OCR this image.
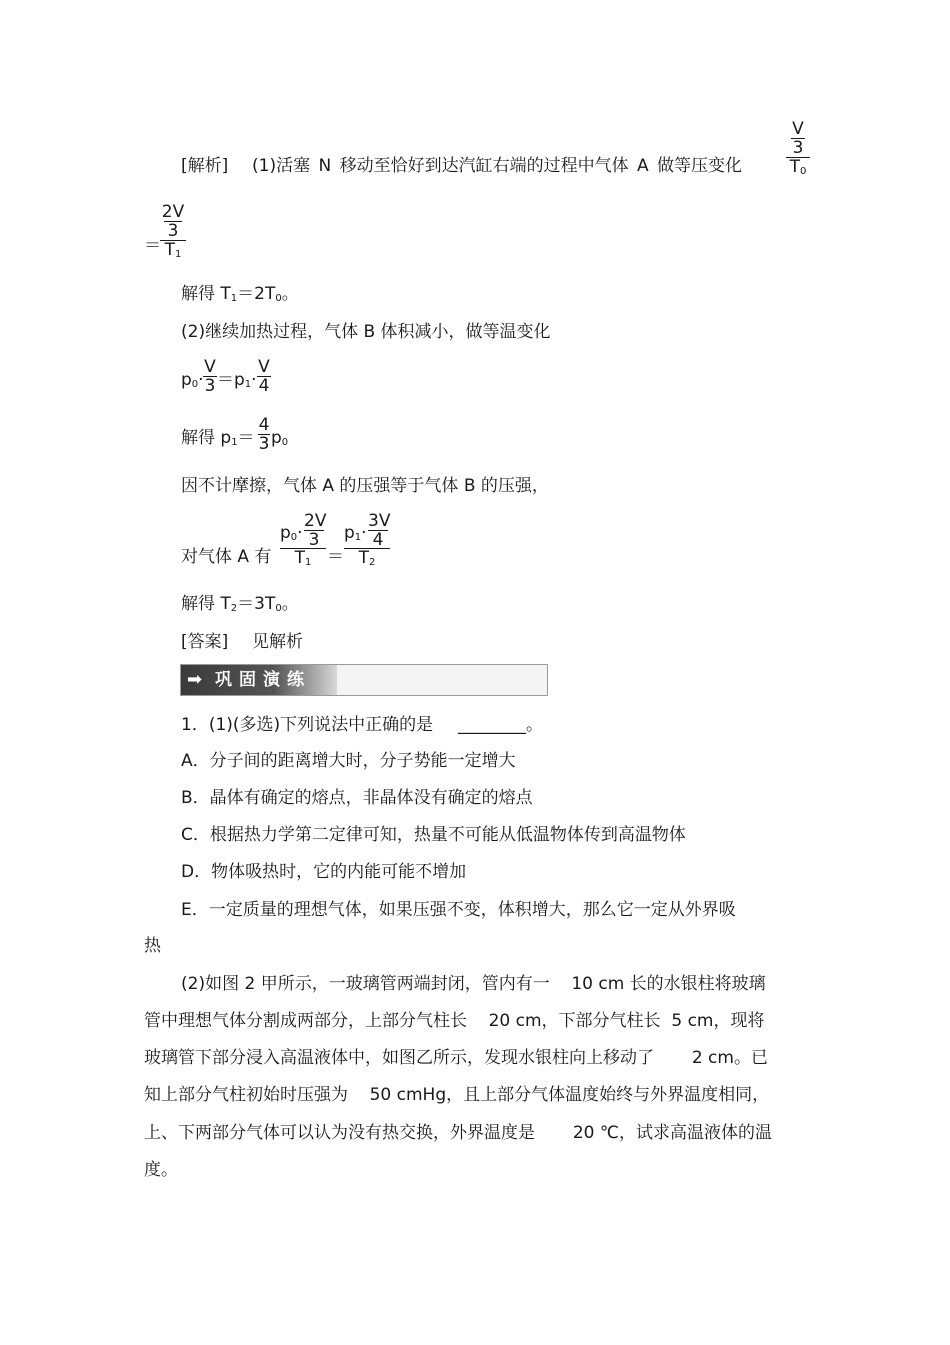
[解析] (1)活塞 N 移动至恰好到达汽缸右端的过程中气体 A 做等压变化
V
3
$T_0$
＝
2V
3
$T_1$
解得 $T_1=2T_0$。
(2)继续加热过程，气体 B 体积减小，做等温变化
$p_0\cdot \frac{V}{3} =p_1\cdot \frac{V}{4}$
解得 $p_1= \frac{4}{3} p_0$
因不计摩擦，气体 A 的压强等于气体 B 的压强，
对气体 A 有
$p_0\cdot$
2V
3
$T_1$ ＝
$p_1\cdot$
3V
4
$T_2$
解得 $T_2=3T_0$。
[答案] 见解析
➡ 巩固演练
1．(1)(多选)下列说法中正确的是 ________。
A．分子间的距离增大时，分子势能一定增大
B．晶体有确定的熔点，非晶体没有确定的熔点
C．根据热力学第二定律可知，热量不可能从低温物体传到高温物体
D．物体吸热时，它的内能可能不增加
E．一定质量的理想气体，如果压强不变，体积增大，那么它一定从外界吸
热
(2)如图 2 甲所示，一玻璃管两端封闭，管内有一    10 cm 长的水银柱将玻璃
管中理想气体分割成两部分，上部分气柱长    20 cm，下部分气柱长  5 cm，现将
玻璃管下部分浸入高温液体中，如图乙所示，发现水银柱向上移动了       2 cm。已
知上部分气柱初始时压强为    50 cmHg，且上部分气体温度始终与外界温度相同，
上、下两部分气体可以认为没有热交换，外界温度是       20 ℃，试求高温液体的温
度。
